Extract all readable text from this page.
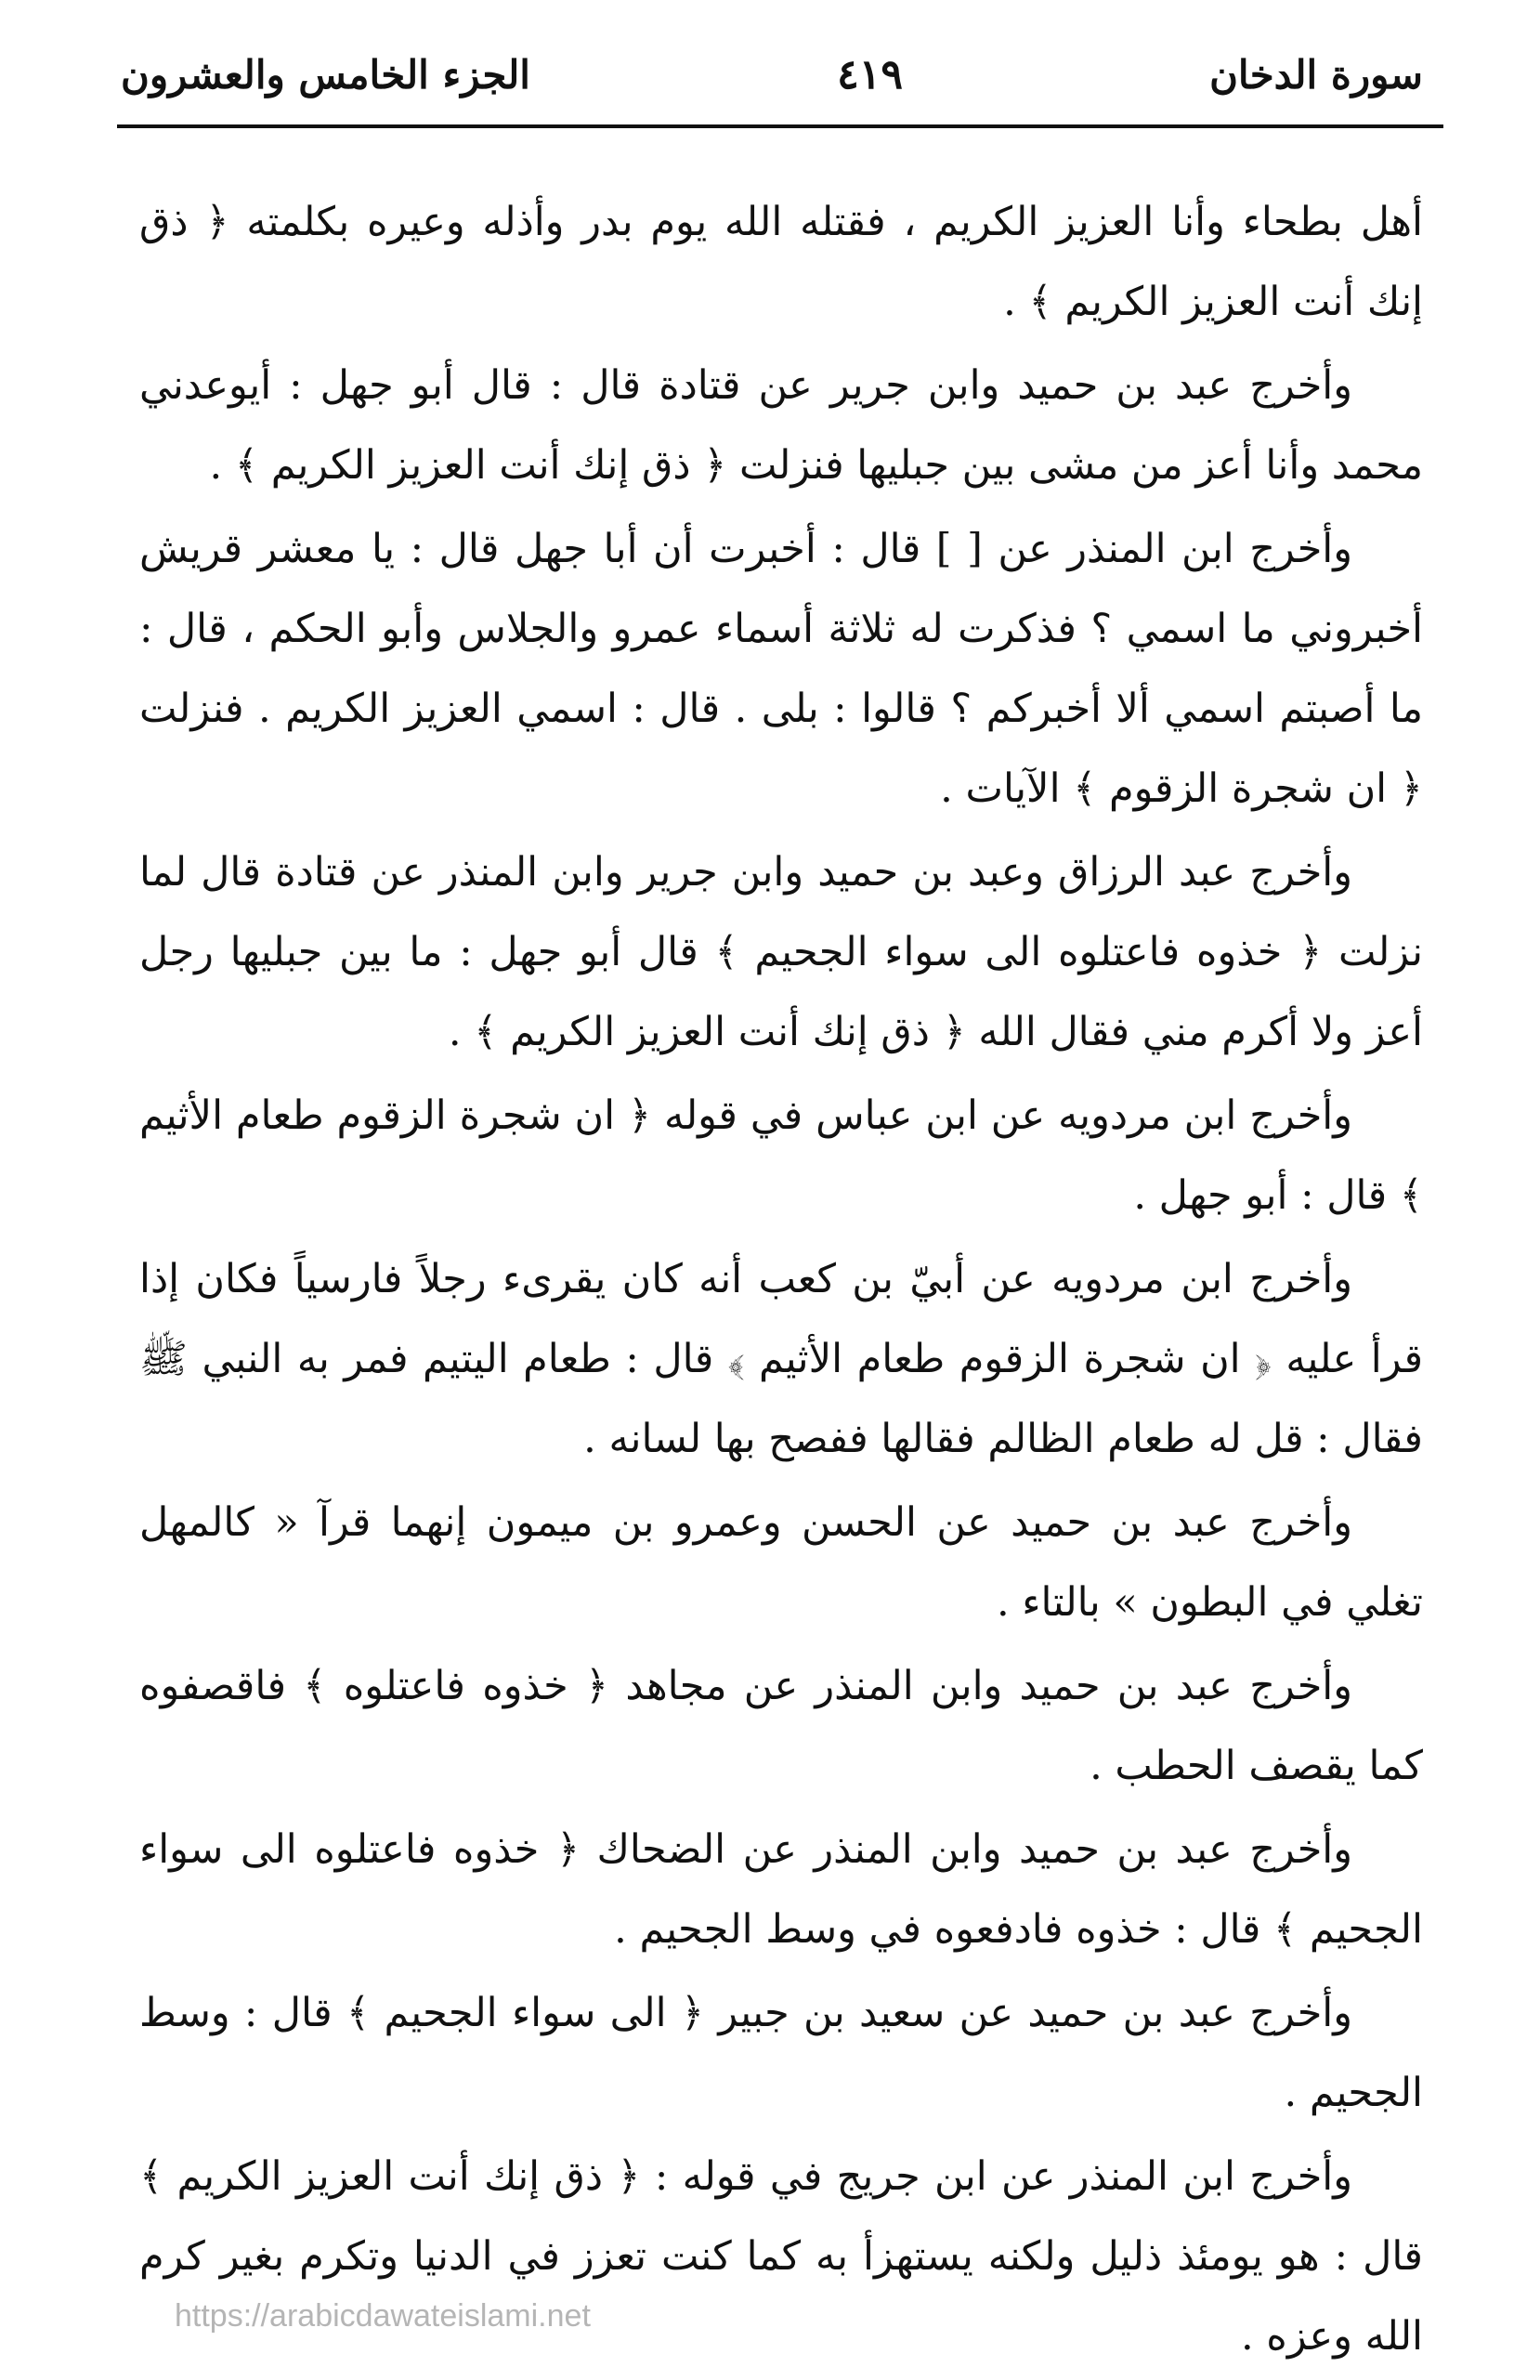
الجزء الخامس والعشرون	٤١٩	سورة الدخان

أهل بطحاء وأنا العزيز الكريم ، فقتله الله يوم بدر وأذله وعيره بكلمته ﴿ ذق إنك أنت العزيز الكريم ﴾ .

وأخرج عبد بن حميد وابن جرير عن قتادة قال : قال أبو جهل : أيوعدني محمد وأنا أعز من مشى بين جبليها فنزلت ﴿ ذق إنك أنت العزيز الكريم ﴾ .

وأخرج ابن المنذر عن [ ] قال : أخبرت أن أبا جهل قال : يا معشر قريش أخبروني ما اسمي ؟ فذكرت له ثلاثة أسماء عمرو والجلاس وأبو الحكم ، قال : ما أصبتم اسمي ألا أخبركم ؟ قالوا : بلى . قال : اسمي العزيز الكريم . فنزلت ﴿ ان شجرة الزقوم ﴾ الآيات .

وأخرج عبد الرزاق وعبد بن حميد وابن جرير وابن المنذر عن قتادة قال لما نزلت ﴿ خذوه فاعتلوه الى سواء الجحيم ﴾ قال أبو جهل : ما بين جبليها رجل أعز ولا أكرم مني فقال الله ﴿ ذق إنك أنت العزيز الكريم ﴾ .

وأخرج ابن مردويه عن ابن عباس في قوله ﴿ ان شجرة الزقوم طعام الأثيم ﴾ قال : أبو جهل .

وأخرج ابن مردويه عن أبيّ بن كعب أنه كان يقرىء رجلاً فارسياً فكان إذا قرأ عليه ﴿ ان شجرة الزقوم طعام الأثيم ﴾ قال : طعام اليتيم فمر به النبي ﷺ فقال : قل له طعام الظالم فقالها ففصح بها لسانه .

وأخرج عبد بن حميد عن الحسن وعمرو بن ميمون إنهما قرآ « كالمهل تغلي في البطون » بالتاء .

وأخرج عبد بن حميد وابن المنذر عن مجاهد ﴿ خذوه فاعتلوه ﴾ فاقصفوه كما يقصف الحطب .

وأخرج عبد بن حميد وابن المنذر عن الضحاك ﴿ خذوه فاعتلوه الى سواء الجحيم ﴾ قال : خذوه فادفعوه في وسط الجحيم .

وأخرج عبد بن حميد عن سعيد بن جبير ﴿ الى سواء الجحيم ﴾ قال : وسط الجحيم .

وأخرج ابن المنذر عن ابن جريج في قوله : ﴿ ذق إنك أنت العزيز الكريم ﴾ قال : هو يومئذ ذليل ولكنه يستهزأ به كما كنت تعزز في الدنيا وتكرم بغير كرم الله وعزه .

https://arabicdawateislami.net
